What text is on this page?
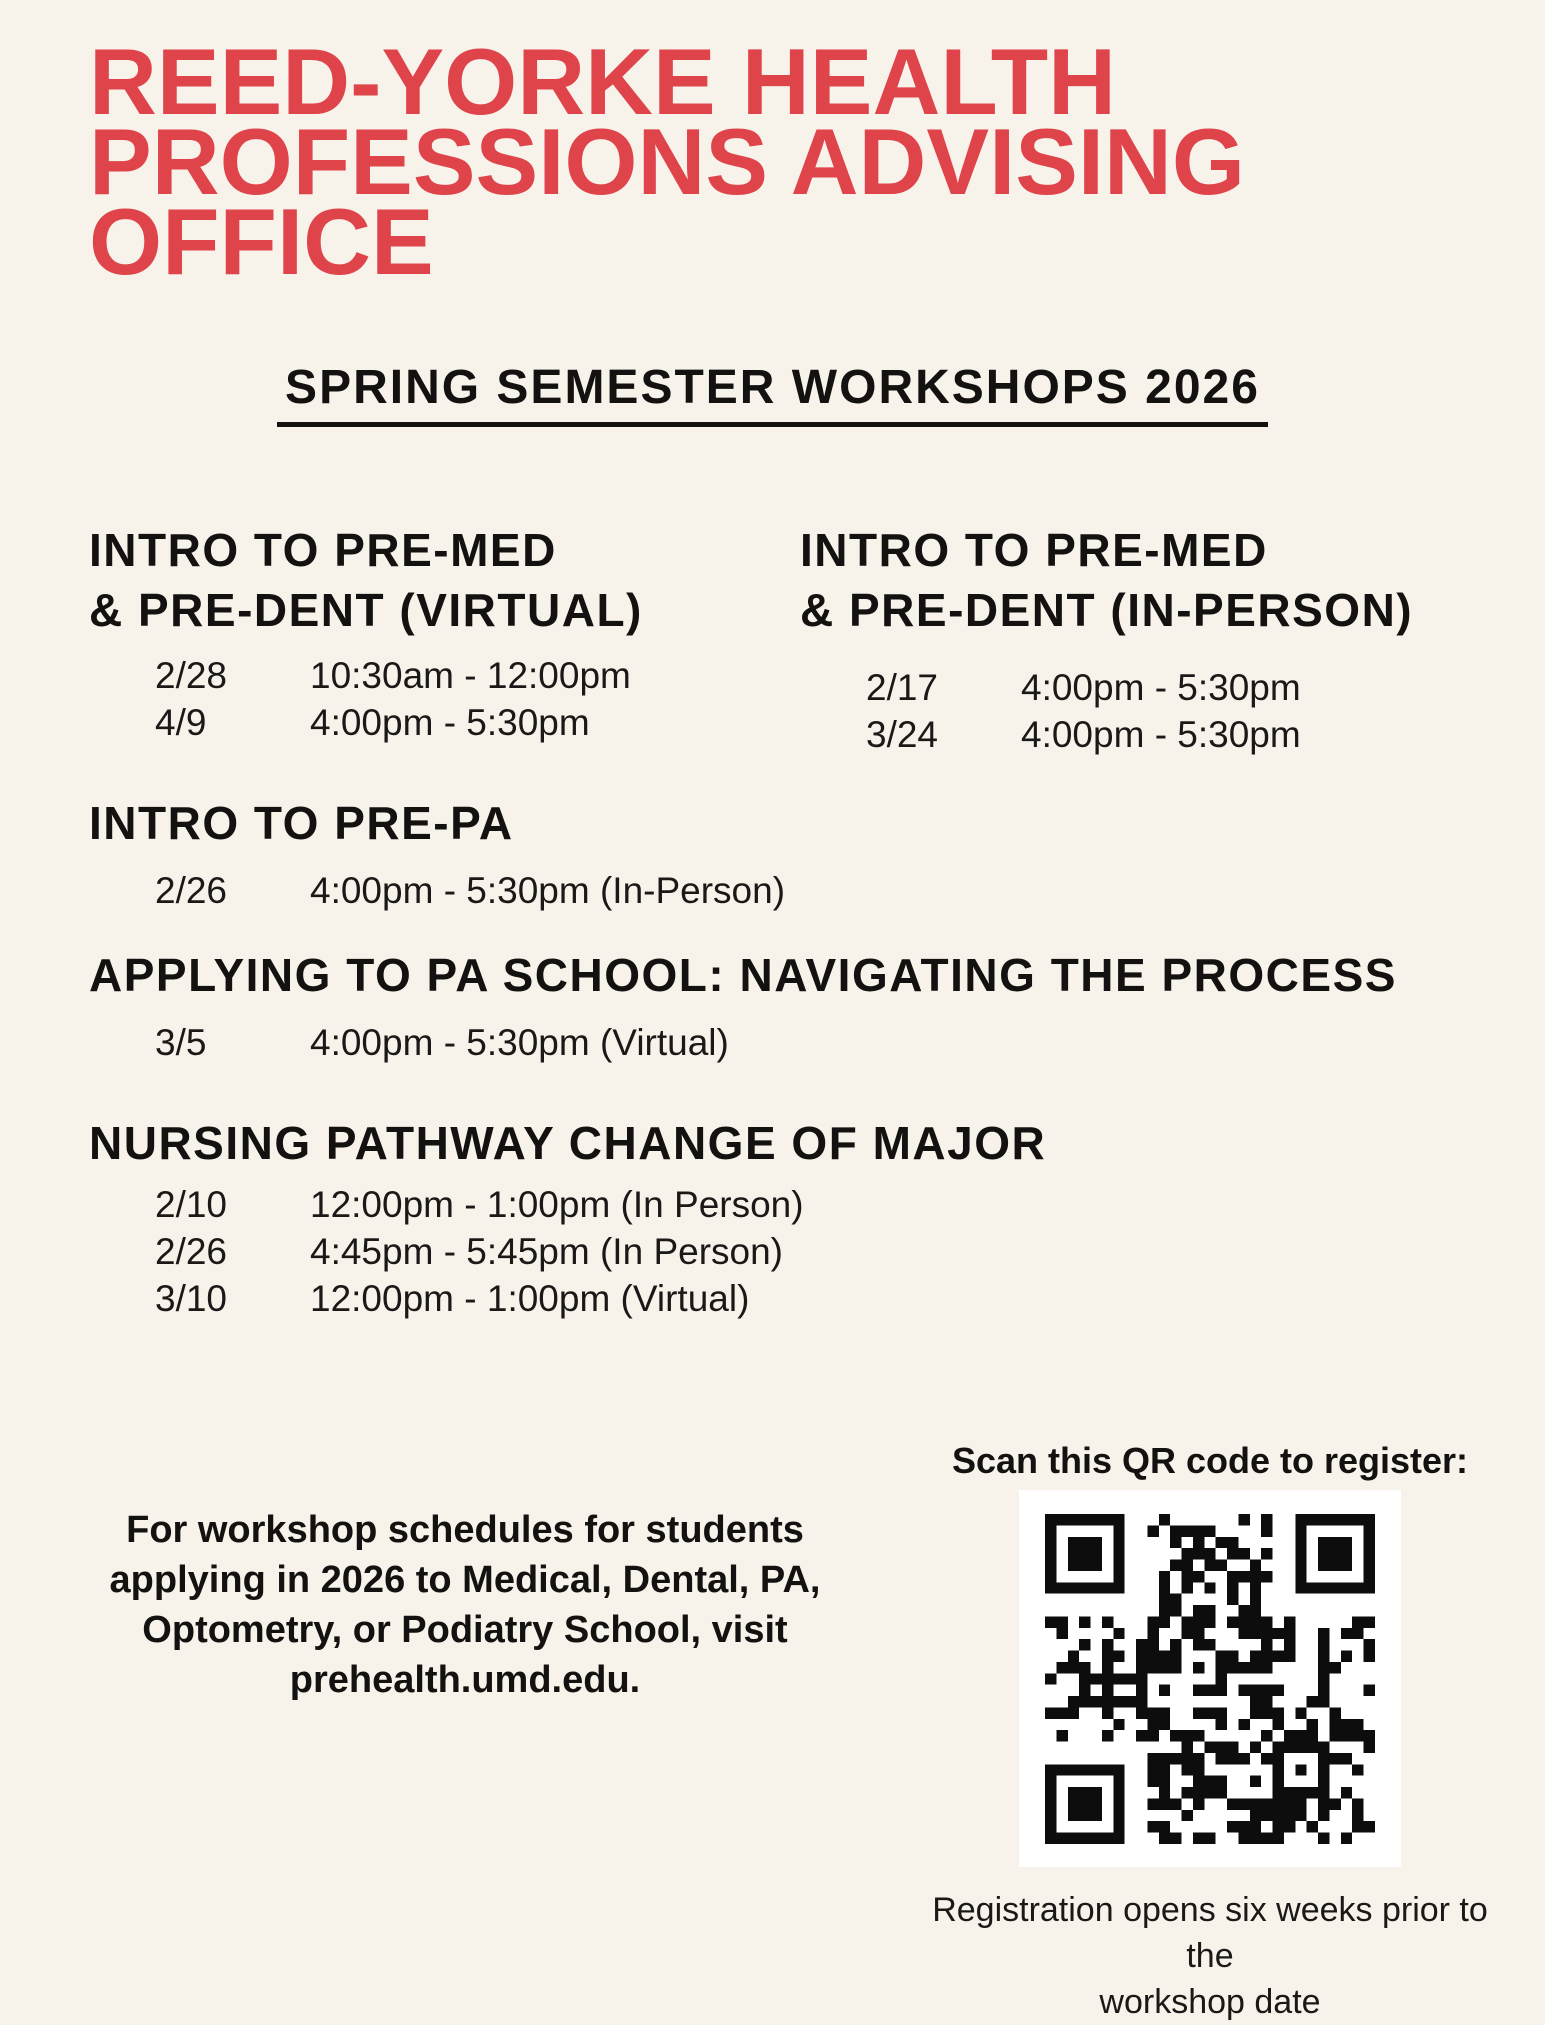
REED-YORKE HEALTH
PROFESSIONS ADVISING
OFFICE
SPRING SEMESTER WORKSHOPS 2026
INTRO TO PRE-MED
& PRE-DENT (VIRTUAL)
2/28	10:30am - 12:00pm
4/9	4:00pm - 5:30pm
INTRO TO PRE-MED
& PRE-DENT (IN-PERSON)
2/17	4:00pm - 5:30pm
3/24	4:00pm - 5:30pm
INTRO TO PRE-PA
2/26	4:00pm - 5:30pm (In-Person)
APPLYING TO PA SCHOOL: NAVIGATING THE PROCESS
3/5	4:00pm - 5:30pm (Virtual)
NURSING PATHWAY CHANGE OF MAJOR
2/10	12:00pm - 1:00pm (In Person)
2/26	4:45pm - 5:45pm (In Person)
3/10	12:00pm - 1:00pm (Virtual)
For workshop schedules for students
applying in 2026 to Medical, Dental, PA,
Optometry, or Podiatry School, visit
prehealth.umd.edu.
Scan this QR code to register:
Registration opens six weeks prior to the
workshop date
